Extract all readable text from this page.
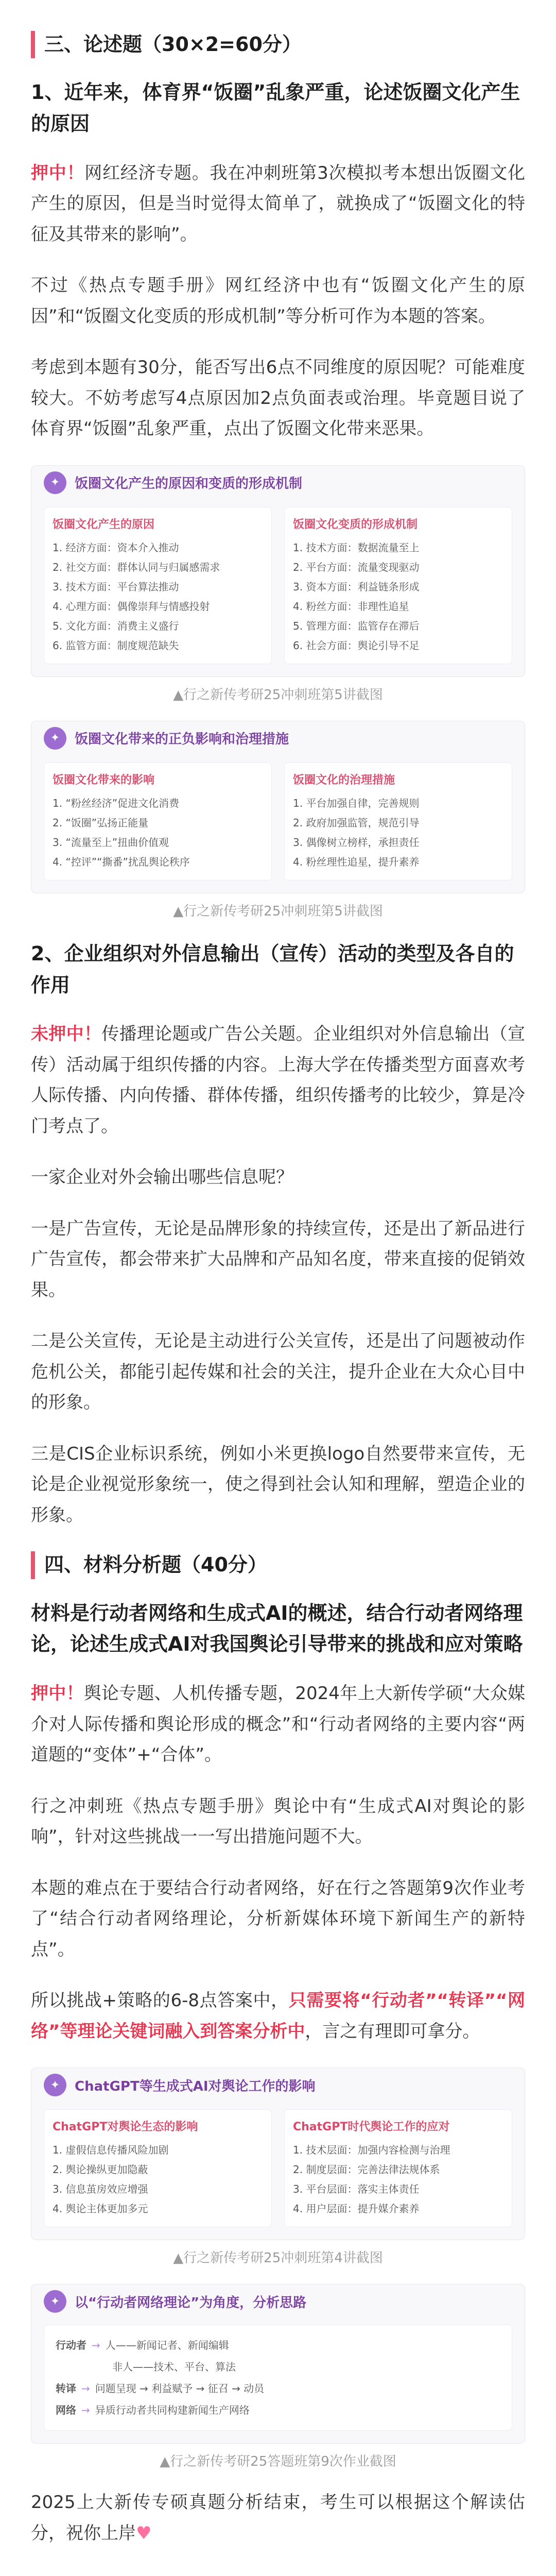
三、论述题（30×2=60分）
1、近年来，体育界“饭圈”乱象严重，论述饭圈文化产生的原因

押中！网红经济专题。我在冲刺班第3次模拟考本想出饭圈文化产生的原因，但是当时觉得太简单了，就换成了“饭圈文化的特征及其带来的影响”。

不过《热点专题手册》网红经济中也有“饭圈文化产生的原因”和“饭圈文化变质的形成机制”等分析可作为本题的答案。

考虑到本题有30分，能否写出6点不同维度的原因呢？可能难度较大。不妨考虑写4点原因加2点负面表或治理。毕竟题目说了体育界“饭圈”乱象严重，点出了饭圈文化带来恶果。

✦	饭圈文化产生的原因和变质的形成机制
饭圈文化产生的原因
1. 经济方面：资本介入推动
2. 社交方面：群体认同与归属感需求
3. 技术方面：平台算法推动
4. 心理方面：偶像崇拜与情感投射
5. 文化方面：消费主义盛行
6. 监管方面：制度规范缺失
饭圈文化变质的形成机制
1. 技术方面：数据流量至上
2. 平台方面：流量变现驱动
3. 资本方面：利益链条形成
4. 粉丝方面：非理性追星
5. 管理方面：监管存在滞后
6. 社会方面：舆论引导不足
▲行之新传考研25冲刺班第5讲截图
✦	饭圈文化带来的正负影响和治理措施
饭圈文化带来的影响
1. “粉丝经济”促进文化消费
2. “饭圈”弘扬正能量
3. “流量至上”扭曲价值观
4. “控评”“撕番”扰乱舆论秩序
饭圈文化的治理措施
1. 平台加强自律，完善规则
2. 政府加强监管，规范引导
3. 偶像树立榜样，承担责任
4. 粉丝理性追星，提升素养
▲行之新传考研25冲刺班第5讲截图
2、企业组织对外信息输出（宣传）活动的类型及各自的作用

未押中！传播理论题或广告公关题。企业组织对外信息输出（宣传）活动属于组织传播的内容。上海大学在传播类型方面喜欢考人际传播、内向传播、群体传播，组织传播考的比较少，算是冷门考点了。

一家企业对外会输出哪些信息呢？

一是广告宣传，无论是品牌形象的持续宣传，还是出了新品进行广告宣传，都会带来扩大品牌和产品知名度，带来直接的促销效果。

二是公关宣传，无论是主动进行公关宣传，还是出了问题被动作危机公关，都能引起传媒和社会的关注，提升企业在大众心目中的形象。

三是CIS企业标识系统，例如小米更换logo自然要带来宣传，无论是企业视觉形象统一，使之得到社会认知和理解，塑造企业的形象。

四、材料分析题（40分）
材料是行动者网络和生成式AI的概述，结合行动者网络理论，论述生成式AI对我国舆论引导带来的挑战和应对策略

押中！舆论专题、人机传播专题，2024年上大新传学硕“大众媒介对人际传播和舆论形成的概念”和“行动者网络的主要内容“两道题的“变体”+“合体”。

行之冲刺班《热点专题手册》舆论中有“生成式AI对舆论的影响”，针对这些挑战一一写出措施问题不大。

本题的难点在于要结合行动者网络，好在行之答题第9次作业考了“结合行动者网络理论，分析新媒体环境下新闻生产的新特点”。

所以挑战+策略的6-8点答案中，只需要将“行动者”“转译”“网络”等理论关键词融入到答案分析中，言之有理即可拿分。

✦	ChatGPT等生成式AI对舆论工作的影响
ChatGPT对舆论生态的影响
1. 虚假信息传播风险加剧
2. 舆论操纵更加隐蔽
3. 信息茧房效应增强
4. 舆论主体更加多元
ChatGPT时代舆论工作的应对
1. 技术层面：加强内容检测与治理
2. 制度层面：完善法律法规体系
3. 平台层面：落实主体责任
4. 用户层面：提升媒介素养
▲行之新传考研25冲刺班第4讲截图
✦	以“行动者网络理论”为角度，分析思路
行动者 → 人——新闻记者、新闻编辑
非人——技术、平台、算法
转译 → 问题呈现 → 利益赋予 → 征召 → 动员
网络 → 异质行动者共同构建新闻生产网络
▲行之新传考研25答题班第9次作业截图

2025上大新传专硕真题分析结束，考生可以根据这个解读估分，祝你上岸♥
